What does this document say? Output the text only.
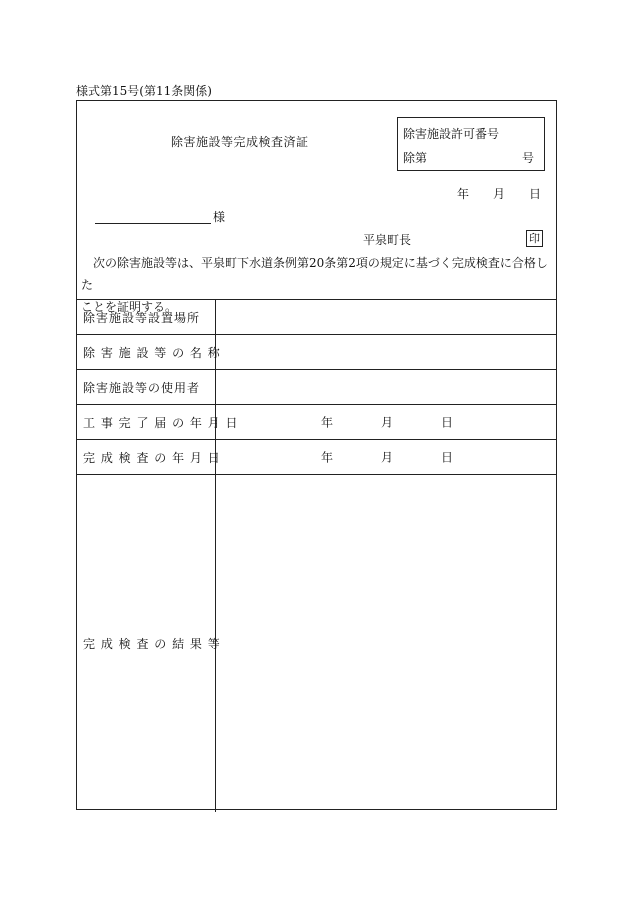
様式第15号(第11条関係)
除害施設等完成検査済証
除害施設許可番号
除第	号
年 月 日
様
平泉町長	印
次の除害施設等は、平泉町下水道条例第20条第2項の規定に基づく完成検査に合格した
ことを証明する。
除害施設等設置場所
除 害 施 設 等 の 名 称
除害施設等の使用者
工 事 完 了 届 の 年 月 日	年	月	日
完 成 検 査 の 年 月 日	年	月	日
完 成 検 査 の 結 果 等
